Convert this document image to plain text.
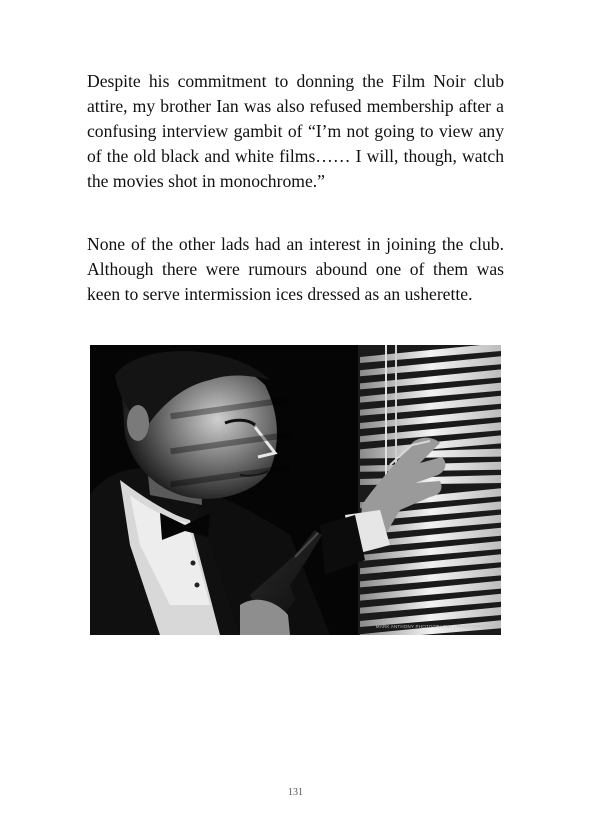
Despite his commitment to donning the Film Noir club attire, my brother Ian was also refused membership after a confusing interview gambit of “I’m not going to view any of the old black and white films…… I will, though, watch the movies shot in monochrome.”

None of the other lads had an interest in joining the club. Although there were rumours abound one of them was keen to serve intermission ices dressed as an usherette.

MARK ANTHONY PHOTOGRAPHY | PHOTOGRAPHY
131
